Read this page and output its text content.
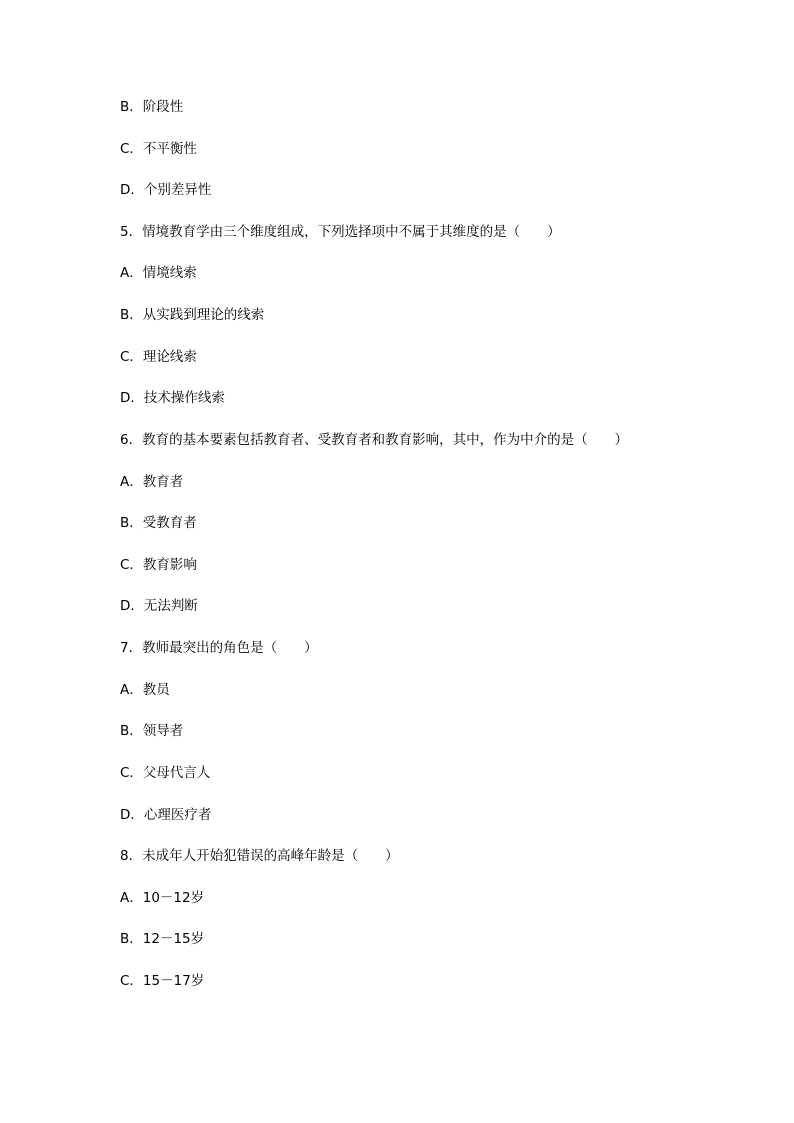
B．阶段性
C．不平衡性
D．个别差异性
5．情境教育学由三个维度组成，下列选择项中不属于其维度的是（　　）
A．情境线索
B．从实践到理论的线索
C．理论线索
D．技术操作线索
6．教育的基本要素包括教育者、受教育者和教育影响，其中，作为中介的是（　　）
A．教育者
B．受教育者
C．教育影响
D．无法判断
7．教师最突出的角色是（　　）
A．教员
B．领导者
C．父母代言人
D．心理医疗者
8．未成年人开始犯错误的高峰年龄是（　　）
A．10－12岁
B．12－15岁
C．15－17岁
